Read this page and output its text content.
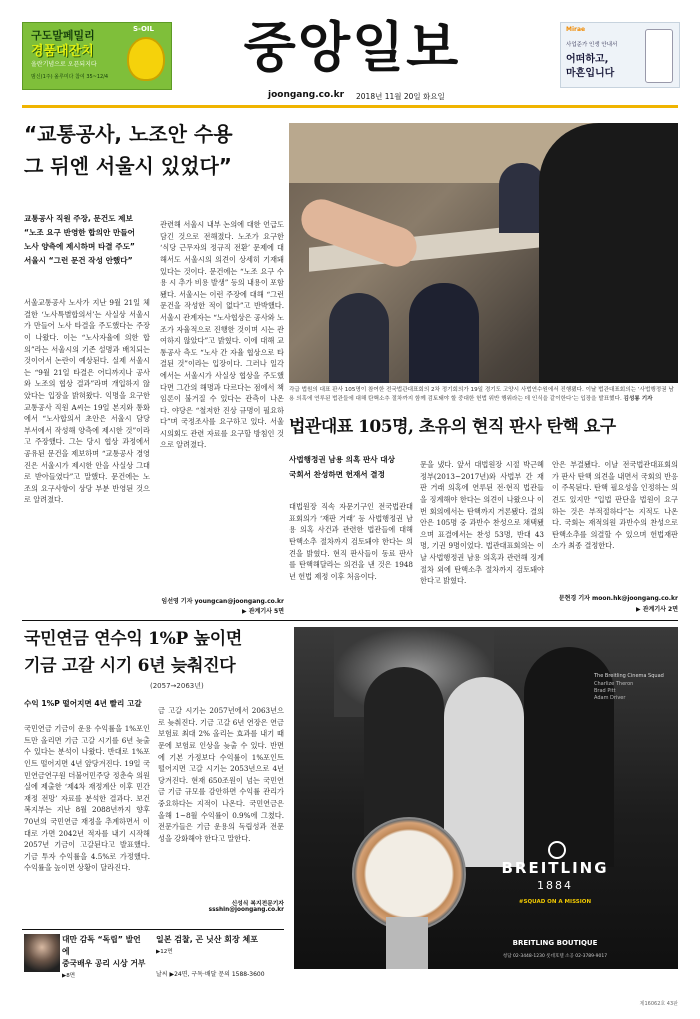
구도말페밀리
경품대잔치
올란기념으로 오픈되지다
범신(1주) 올루미다 참여 35~12/4
S-OIL	중앙일보
joongang.co.kr 2018년 11월 20일 화요일
Mirae
사업준가 인생 안내서
어떠하고,
마흔입니다
“교통공사, 노조안 수용
그 뒤엔 서울시 있었다”
교통공사 직원 주장, 문건도 제보
“노조 요구 반영한 합의안 만들어
노사 양측에 제시하며 타결 주도”
서울시 “그런 문건 작성 안했다”

서울교통공사 노사가 지난 9월 21일 체결한 ‘노사특별합의서’는 사실상 서울시가 만들어 노사 타결을 주도했다는 주장이 나왔다. 이는 “노사자율에 의한 합의”라는 서울시의 기존 설명과 배치되는 것이어서 논란이 예상된다. 실제 서울시는 “9월 21일 타결은 어디까지나 공사와 노조의 협상 결과”라며 개입하지 않았다는 입장을 밝혀왔다. 익명을 요구한 교통공사 직원 A씨는 19일 본지와 통화에서 “노사합의서 초안은 서울시 담당 부서에서 작성해 양측에 제시한 것”이라고 주장했다. 그는 당시 협상 과정에서 공유된 문건을 제보하며 “교통공사 경영진은 서울시가 제시한 안을 사실상 그대로 받아들였다”고 말했다. 문건에는 노조의 요구사항이 상당 부분 반영된 것으로 알려졌다.

관련해 서울시 내부 논의에 대한 언급도 담긴 것으로 전해졌다. 노조가 요구한 ‘식당 근무자의 정규직 전환’ 문제에 대해서도 서울시의 의견이 상세히 기재돼 있다는 것이다. 문건에는 “노조 요구 수용 시 추가 비용 발생” 등의 내용이 포함됐다. 서울시는 이런 주장에 대해 “그런 문건을 작성한 적이 없다”고 반박했다. 서울시 관계자는 “노사협상은 공사와 노조가 자율적으로 진행한 것이며 시는 관여하지 않았다”고 밝혔다. 이에 대해 교통공사 측도 “노사 간 자율 협상으로 타결된 것”이라는 입장이다. 그러나 일각에서는 서울시가 사실상 협상을 주도했다면 그간의 해명과 다르다는 점에서 책임론이 불거질 수 있다는 관측이 나온다. 야당은 “철저한 진상 규명이 필요하다”며 국정조사를 요구하고 있다. 서울시의회도 관련 자료를 요구할 방침인 것으로 알려졌다.

임선영 기자 youngcan@joongang.co.kr
▶ 관계기사 5면
각급 법원의 대표 판사 105명이 참여한 전국법관대표회의 2차 정기회의가 19일 경기도 고양시 사법연수원에서 진행됐다. 이날 법관대표회의는 ‘사법행정권 남용 의혹에 연루된 법관들에 대해 탄핵소추 절차까지 함께 검토돼야 할 중대한 헌법 위반 행위라는 데 인식을 같이한다’는 입장을 발표했다. 김성룡 기자
법관대표 105명, 초유의 현직 판사 탄핵 요구
사법행정권 남용 의혹 판사 대상
국회서 찬성하면 헌재서 결정

대법원장 직속 자문기구인 전국법관대표회의가 ‘재판 거래’ 등 사법행정권 남용 의혹 사건과 관련한 법관들에 대해 탄핵소추 절차까지 검토돼야 한다는 의견을 밝혔다. 현직 판사들이 동료 판사를 탄핵해달라는 의견을 낸 것은 1948년 헌법 제정 이후 처음이다.

문을 냈다. 앞서 대법원장 시절 박근혜 정부(2013~2017년)와 사법부 간 재판 거래 의혹에 연루된 전·현직 법관들을 징계해야 한다는 의견이 나왔으나 이번 회의에서는 탄핵까지 거론됐다. 결의안은 105명 중 과반수 찬성으로 채택됐으며 표결에서는 찬성 53명, 반대 43명, 기권 9명이었다. 법관대표회의는 이날 사법행정권 남용 의혹과 관련해 징계 절차 외에 탄핵소추 절차까지 검토돼야 한다고 밝혔다.

안은 부결됐다. 이날 전국법관대표회의가 판사 탄핵 의견을 내면서 국회의 반응이 주목된다. 탄핵 필요성을 인정하는 의견도 있지만 “입법 판단을 법원이 요구하는 것은 부적절하다”는 지적도 나온다. 국회는 재적의원 과반수의 찬성으로 탄핵소추를 의결할 수 있으며 헌법재판소가 최종 결정한다.

문현경 기자 moon.hk@joongang.co.kr
▶ 관계기사 2면
국민연금 연수익 1%P 높이면
기금 고갈 시기 6년 늦춰진다
(2057→2063년)
수익 1%P 떨어지면 4년 빨리 고갈

국민연금 기금이 운용 수익률을 1%포인트만 올리면 기금 고갈 시기를 6년 늦출 수 있다는 분석이 나왔다. 반대로 1%포인트 떨어지면 4년 앞당겨진다. 19일 국민연금연구원 더불어민주당 정춘숙 의원실에 제출한 ‘제4차 재정계산 이후 민간 재정 전망’ 자료를 분석한 결과다. 보건복지부는 지난 8월 2088년까지 향후 70년의 국민연금 재정을 추계하면서 이대로 가면 2042년 적자를 내기 시작해 2057년 기금이 고갈된다고 발표했다. 기금 투자 수익률을 4.5%로 가정했다. 수익률을 높이면 상황이 달라진다.

금 고갈 시기는 2057년에서 2063년으로 늦춰진다. 기금 고갈 6년 연장은 연금보험료 최대 2% 올리는 효과를 내기 때문에 보험료 인상을 늦출 수 있다. 반면에 기본 가정보다 수익률이 1%포인트 떨어지면 고갈 시기는 2053년으로 4년 당겨진다. 현재 650조원이 넘는 국민연금 기금 규모를 감안하면 수익률 관리가 중요하다는 지적이 나온다. 국민연금은 올해 1~8월 수익률이 0.9%에 그쳤다. 전문가들은 기금 운용의 독립성과 전문성을 강화해야 한다고 말한다.

신성식 복지전문기자 ssshin@joongang.co.kr
The Breitling Cinema Squad
Charlize Theron
Brad Pitt
Adam Driver
BREITLING
1884
#SQUAD ON A MISSION
BREITLING BOUTIQUE
청담 02-3448-1230 롯데호텔 소공 02-3789-9017
대만 감독 “독립” 발언에
중국배우 공리 시상 거부
▶8면
일본 검찰, 곤 닛산 회장 체포
▶12면
날씨 ▶24면, 구독·배달 문의 1588-3600
제16062호 43판
